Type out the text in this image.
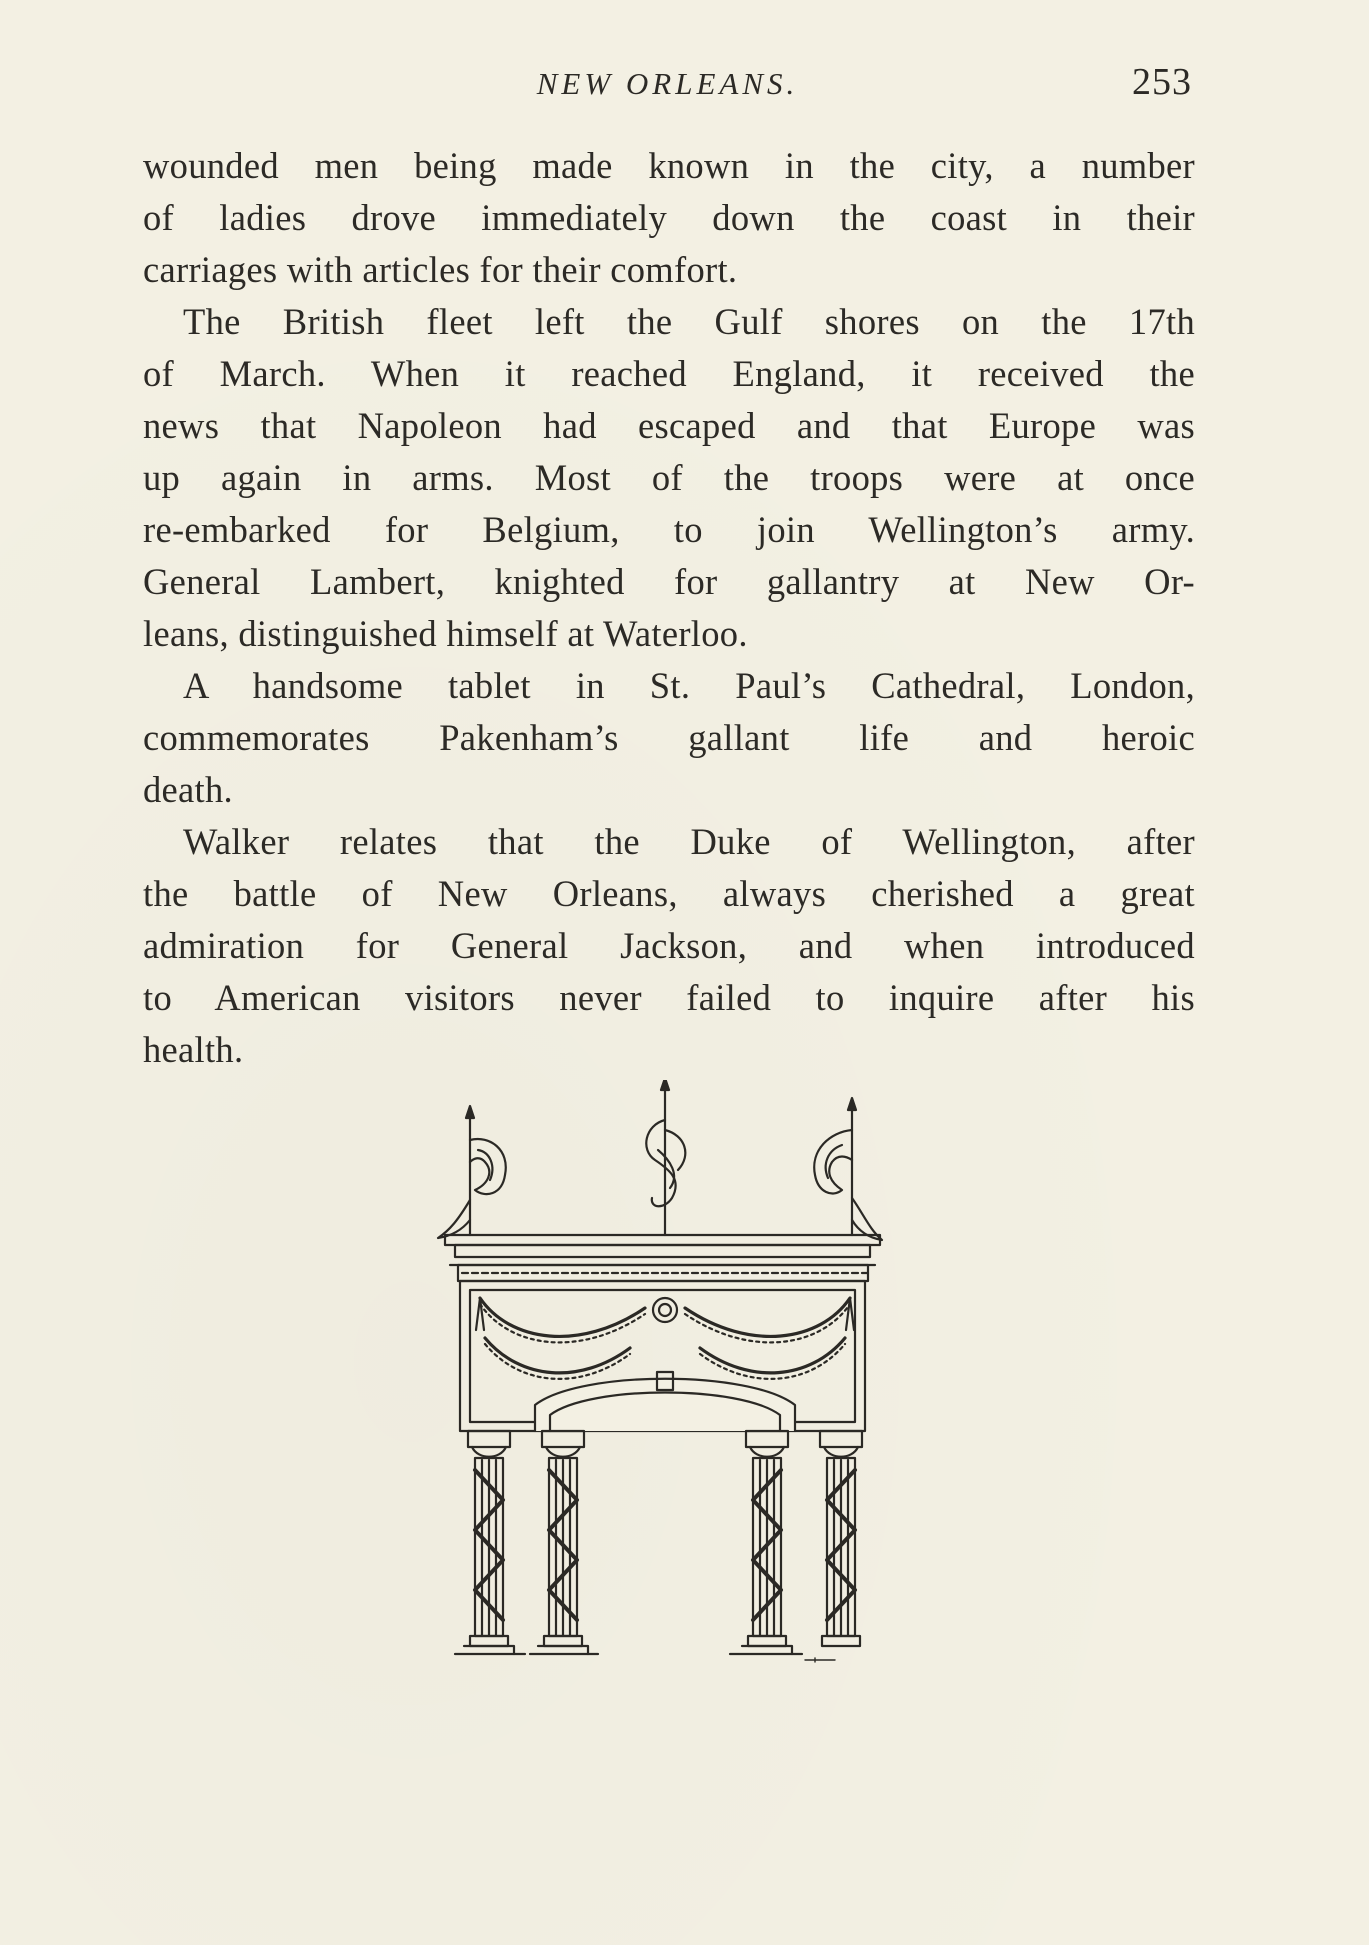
NEW ORLEANS.	253
wounded men being made known in the city, a number
of ladies drove immediately down the coast in their
carriages with articles for their comfort.
The British fleet left the Gulf shores on the 17th
of March. When it reached England, it received the
news that Napoleon had escaped and that Europe was
up again in arms. Most of the troops were at once
re-embarked for Belgium, to join Wellington’s army.
General Lambert, knighted for gallantry at New Or-
leans, distinguished himself at Waterloo.
A handsome tablet in St. Paul’s Cathedral, London,
commemorates Pakenham’s gallant life and heroic
death.
Walker relates that the Duke of Wellington, after
the battle of New Orleans, always cherished a great
admiration for General Jackson, and when introduced
to American visitors never failed to inquire after his
health.
